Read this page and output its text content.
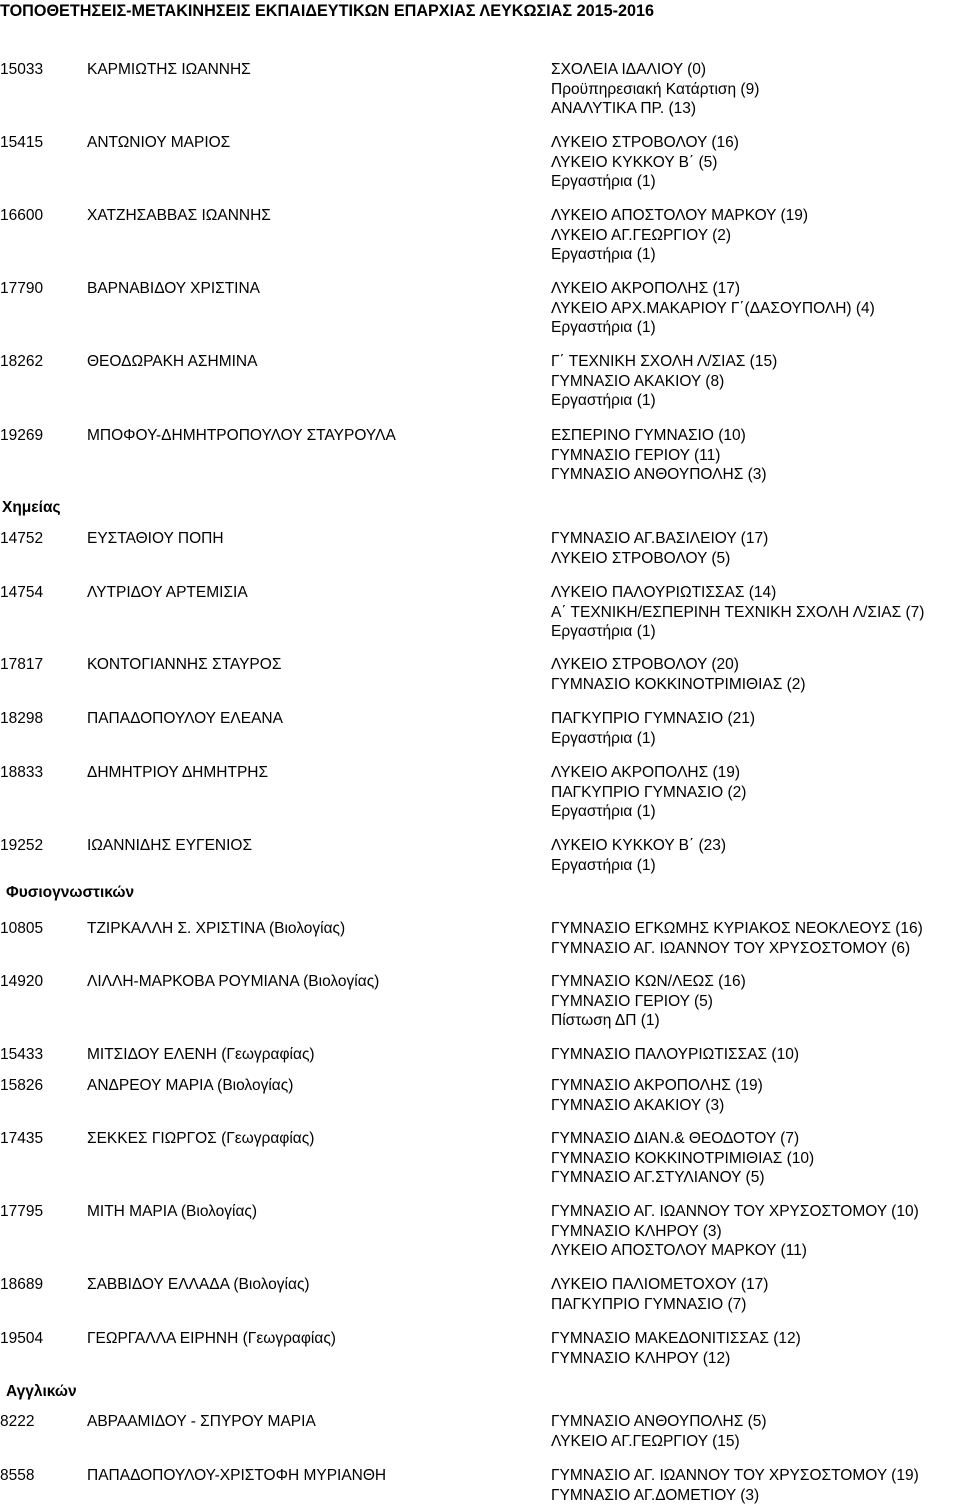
ΤΟΠΟΘΕΤΗΣΕΙΣ-ΜΕΤΑΚΙΝΗΣΕΙΣ ΕΚΠΑΙΔΕΥΤΙΚΩΝ ΕΠΑΡΧΙΑΣ ΛΕΥΚΩΣΙΑΣ 2015-2016
Χημείας
Φυσιογνωστικών
Αγγλικών
15033	ΚΑΡΜΙΩΤΗΣ ΙΩΑΝΝΗΣ	ΣΧΟΛΕΙΑ ΙΔΑΛΙΟΥ (0)
Προϋπηρεσιακή Κατάρτιση (9)
ΑΝΑΛΥΤΙΚΑ ΠΡ. (13)
15415	ΑΝΤΩΝΙΟΥ ΜΑΡΙΟΣ	ΛΥΚΕΙΟ ΣΤΡΟΒΟΛΟΥ (16)
ΛΥΚΕΙΟ ΚΥΚΚΟΥ Β΄ (5)
Εργαστήρια (1)
16600	ΧΑΤΖΗΣΑΒΒΑΣ ΙΩΑΝΝΗΣ	ΛΥΚΕΙΟ ΑΠΟΣΤΟΛΟΥ ΜΑΡΚΟΥ (19)
ΛΥΚΕΙΟ ΑΓ.ΓΕΩΡΓΙΟΥ (2)
Εργαστήρια (1)
17790	ΒΑΡΝΑΒΙΔΟΥ ΧΡΙΣΤΙΝΑ	ΛΥΚΕΙΟ ΑΚΡΟΠΟΛΗΣ (17)
ΛΥΚΕΙΟ ΑΡΧ.ΜΑΚΑΡΙΟΥ Γ΄(ΔΑΣΟΥΠΟΛΗ) (4)
Εργαστήρια (1)
18262	ΘΕΟΔΩΡΑΚΗ ΑΣΗΜΙΝΑ	Γ΄ ΤΕΧΝΙΚΗ ΣΧΟΛΗ Λ/ΣΙΑΣ (15)
ΓΥΜΝΑΣΙΟ ΑΚΑΚΙΟΥ (8)
Εργαστήρια (1)
19269	ΜΠΟΦΟΥ-ΔΗΜΗΤΡΟΠΟΥΛΟΥ ΣΤΑΥΡΟΥΛΑ	ΕΣΠΕΡΙΝΟ ΓΥΜΝΑΣΙΟ (10)
ΓΥΜΝΑΣΙΟ ΓΕΡΙΟΥ (11)
ΓΥΜΝΑΣΙΟ ΑΝΘΟΥΠΟΛΗΣ (3)
14752	ΕΥΣΤΑΘΙΟΥ ΠΟΠΗ	ΓΥΜΝΑΣΙΟ ΑΓ.ΒΑΣΙΛΕΙΟΥ (17)
ΛΥΚΕΙΟ ΣΤΡΟΒΟΛΟΥ (5)
14754	ΛΥΤΡΙΔΟΥ ΑΡΤΕΜΙΣΙΑ	ΛΥΚΕΙΟ ΠΑΛΟΥΡΙΩΤΙΣΣΑΣ (14)
Α΄ ΤΕΧΝΙΚΗ/ΕΣΠΕΡΙΝΗ ΤΕΧΝΙΚΗ ΣΧΟΛΗ Λ/ΣΙΑΣ (7)
Εργαστήρια (1)
17817	ΚΟΝΤΟΓΙΑΝΝΗΣ ΣΤΑΥΡΟΣ	ΛΥΚΕΙΟ ΣΤΡΟΒΟΛΟΥ (20)
ΓΥΜΝΑΣΙΟ ΚΟΚΚΙΝΟΤΡΙΜΙΘΙΑΣ (2)
18298	ΠΑΠΑΔΟΠΟΥΛΟΥ ΕΛΕΑΝΑ	ΠΑΓΚΥΠΡΙΟ ΓΥΜΝΑΣΙΟ (21)
Εργαστήρια (1)
18833	ΔΗΜΗΤΡΙΟΥ ΔΗΜΗΤΡΗΣ	ΛΥΚΕΙΟ ΑΚΡΟΠΟΛΗΣ (19)
ΠΑΓΚΥΠΡΙΟ ΓΥΜΝΑΣΙΟ (2)
Εργαστήρια (1)
19252	ΙΩΑΝΝΙΔΗΣ ΕΥΓΕΝΙΟΣ	ΛΥΚΕΙΟ ΚΥΚΚΟΥ Β΄ (23)
Εργαστήρια (1)
10805	ΤΖΙΡΚΑΛΛΗ Σ. ΧΡΙΣΤΙΝΑ (Βιολογίας)	ΓΥΜΝΑΣΙΟ ΕΓΚΩΜΗΣ ΚΥΡΙΑΚΟΣ ΝΕΟΚΛΕΟΥΣ (16)
ΓΥΜΝΑΣΙΟ ΑΓ. ΙΩΑΝΝΟΥ ΤΟΥ ΧΡΥΣΟΣΤΟΜΟΥ (6)
14920	ΛΙΛΛΗ-ΜΑΡΚΟΒΑ ΡΟΥΜΙΑΝΑ (Βιολογίας)	ΓΥΜΝΑΣΙΟ ΚΩΝ/ΛΕΩΣ (16)
ΓΥΜΝΑΣΙΟ ΓΕΡΙΟΥ (5)
Πίστωση ΔΠ (1)
15433	ΜΙΤΣΙΔΟΥ ΕΛΕΝΗ (Γεωγραφίας)	ΓΥΜΝΑΣΙΟ ΠΑΛΟΥΡΙΩΤΙΣΣΑΣ (10)
15826	ΑΝΔΡΕΟΥ ΜΑΡΙΑ (Βιολογίας)	ΓΥΜΝΑΣΙΟ ΑΚΡΟΠΟΛΗΣ (19)
ΓΥΜΝΑΣΙΟ ΑΚΑΚΙΟΥ (3)
17435	ΣΕΚΚΕΣ ΓΙΩΡΓΟΣ (Γεωγραφίας)	ΓΥΜΝΑΣΙΟ ΔΙΑΝ.& ΘΕΟΔΟΤΟΥ (7)
ΓΥΜΝΑΣΙΟ ΚΟΚΚΙΝΟΤΡΙΜΙΘΙΑΣ (10)
ΓΥΜΝΑΣΙΟ ΑΓ.ΣΤΥΛΙΑΝΟΥ (5)
17795	ΜΙΤΗ ΜΑΡΙΑ (Βιολογίας)	ΓΥΜΝΑΣΙΟ ΑΓ. ΙΩΑΝΝΟΥ ΤΟΥ ΧΡΥΣΟΣΤΟΜΟΥ (10)
ΓΥΜΝΑΣΙΟ ΚΛΗΡΟΥ (3)
ΛΥΚΕΙΟ ΑΠΟΣΤΟΛΟΥ ΜΑΡΚΟΥ (11)
18689	ΣΑΒΒΙΔΟΥ ΕΛΛΑΔΑ (Βιολογίας)	ΛΥΚΕΙΟ ΠΑΛΙΟΜΕΤΟΧΟΥ (17)
ΠΑΓΚΥΠΡΙΟ ΓΥΜΝΑΣΙΟ (7)
19504	ΓΕΩΡΓΑΛΛΑ ΕΙΡΗΝΗ (Γεωγραφίας)	ΓΥΜΝΑΣΙΟ ΜΑΚΕΔΟΝΙΤΙΣΣΑΣ (12)
ΓΥΜΝΑΣΙΟ ΚΛΗΡΟΥ (12)
8222	ΑΒΡΑΑΜΙΔΟΥ - ΣΠΥΡΟΥ ΜΑΡΙΑ	ΓΥΜΝΑΣΙΟ ΑΝΘΟΥΠΟΛΗΣ (5)
ΛΥΚΕΙΟ ΑΓ.ΓΕΩΡΓΙΟΥ (15)
8558	ΠΑΠΑΔΟΠΟΥΛΟΥ-ΧΡΙΣΤΟΦΗ ΜΥΡΙΑΝΘΗ	ΓΥΜΝΑΣΙΟ ΑΓ. ΙΩΑΝΝΟΥ ΤΟΥ ΧΡΥΣΟΣΤΟΜΟΥ (19)
ΓΥΜΝΑΣΙΟ ΑΓ.ΔΟΜΕΤΙΟΥ (3)
